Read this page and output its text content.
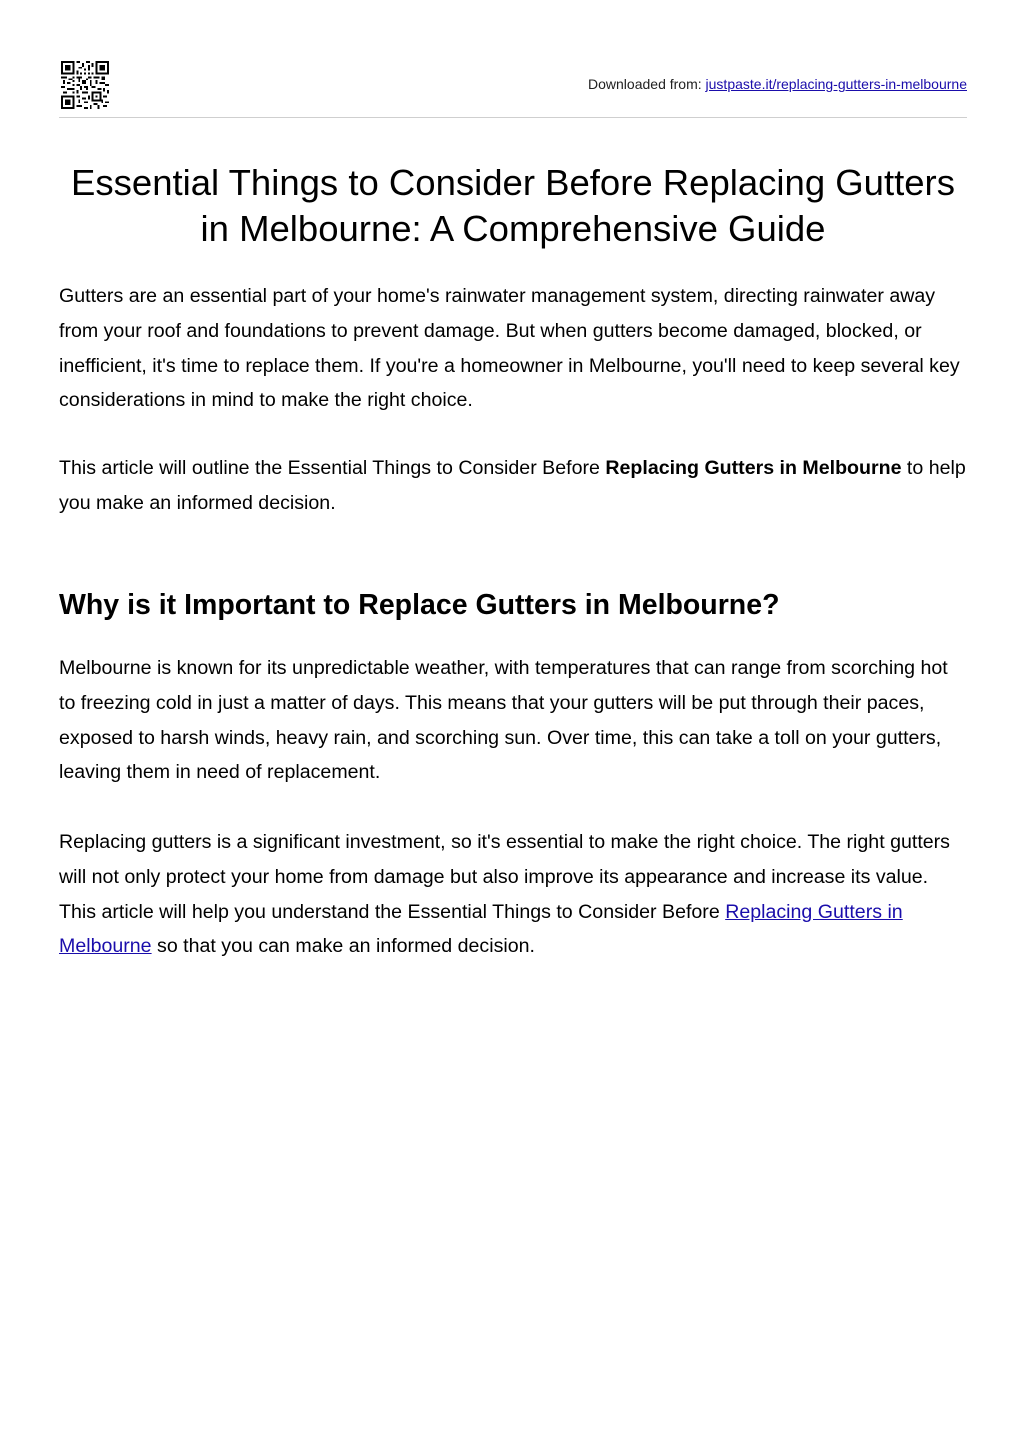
Downloaded from: justpaste.it/replacing-gutters-in-melbourne
Essential Things to Consider Before Replacing Gutters in Melbourne: A Comprehensive Guide

Gutters are an essential part of your home's rainwater management system, directing rainwater away from your roof and foundations to prevent damage. But when gutters become damaged, blocked, or inefficient, it's time to replace them. If you're a homeowner in Melbourne, you'll need to keep several key considerations in mind to make the right choice.

This article will outline the Essential Things to Consider Before Replacing Gutters in Melbourne to help you make an informed decision.

Why is it Important to Replace Gutters in Melbourne?

Melbourne is known for its unpredictable weather, with temperatures that can range from scorching hot to freezing cold in just a matter of days. This means that your gutters will be put through their paces, exposed to harsh winds, heavy rain, and scorching sun. Over time, this can take a toll on your gutters, leaving them in need of replacement.

Replacing gutters is a significant investment, so it's essential to make the right choice. The right gutters will not only protect your home from damage but also improve its appearance and increase its value. This article will help you understand the Essential Things to Consider Before Replacing Gutters in Melbourne so that you can make an informed decision.
